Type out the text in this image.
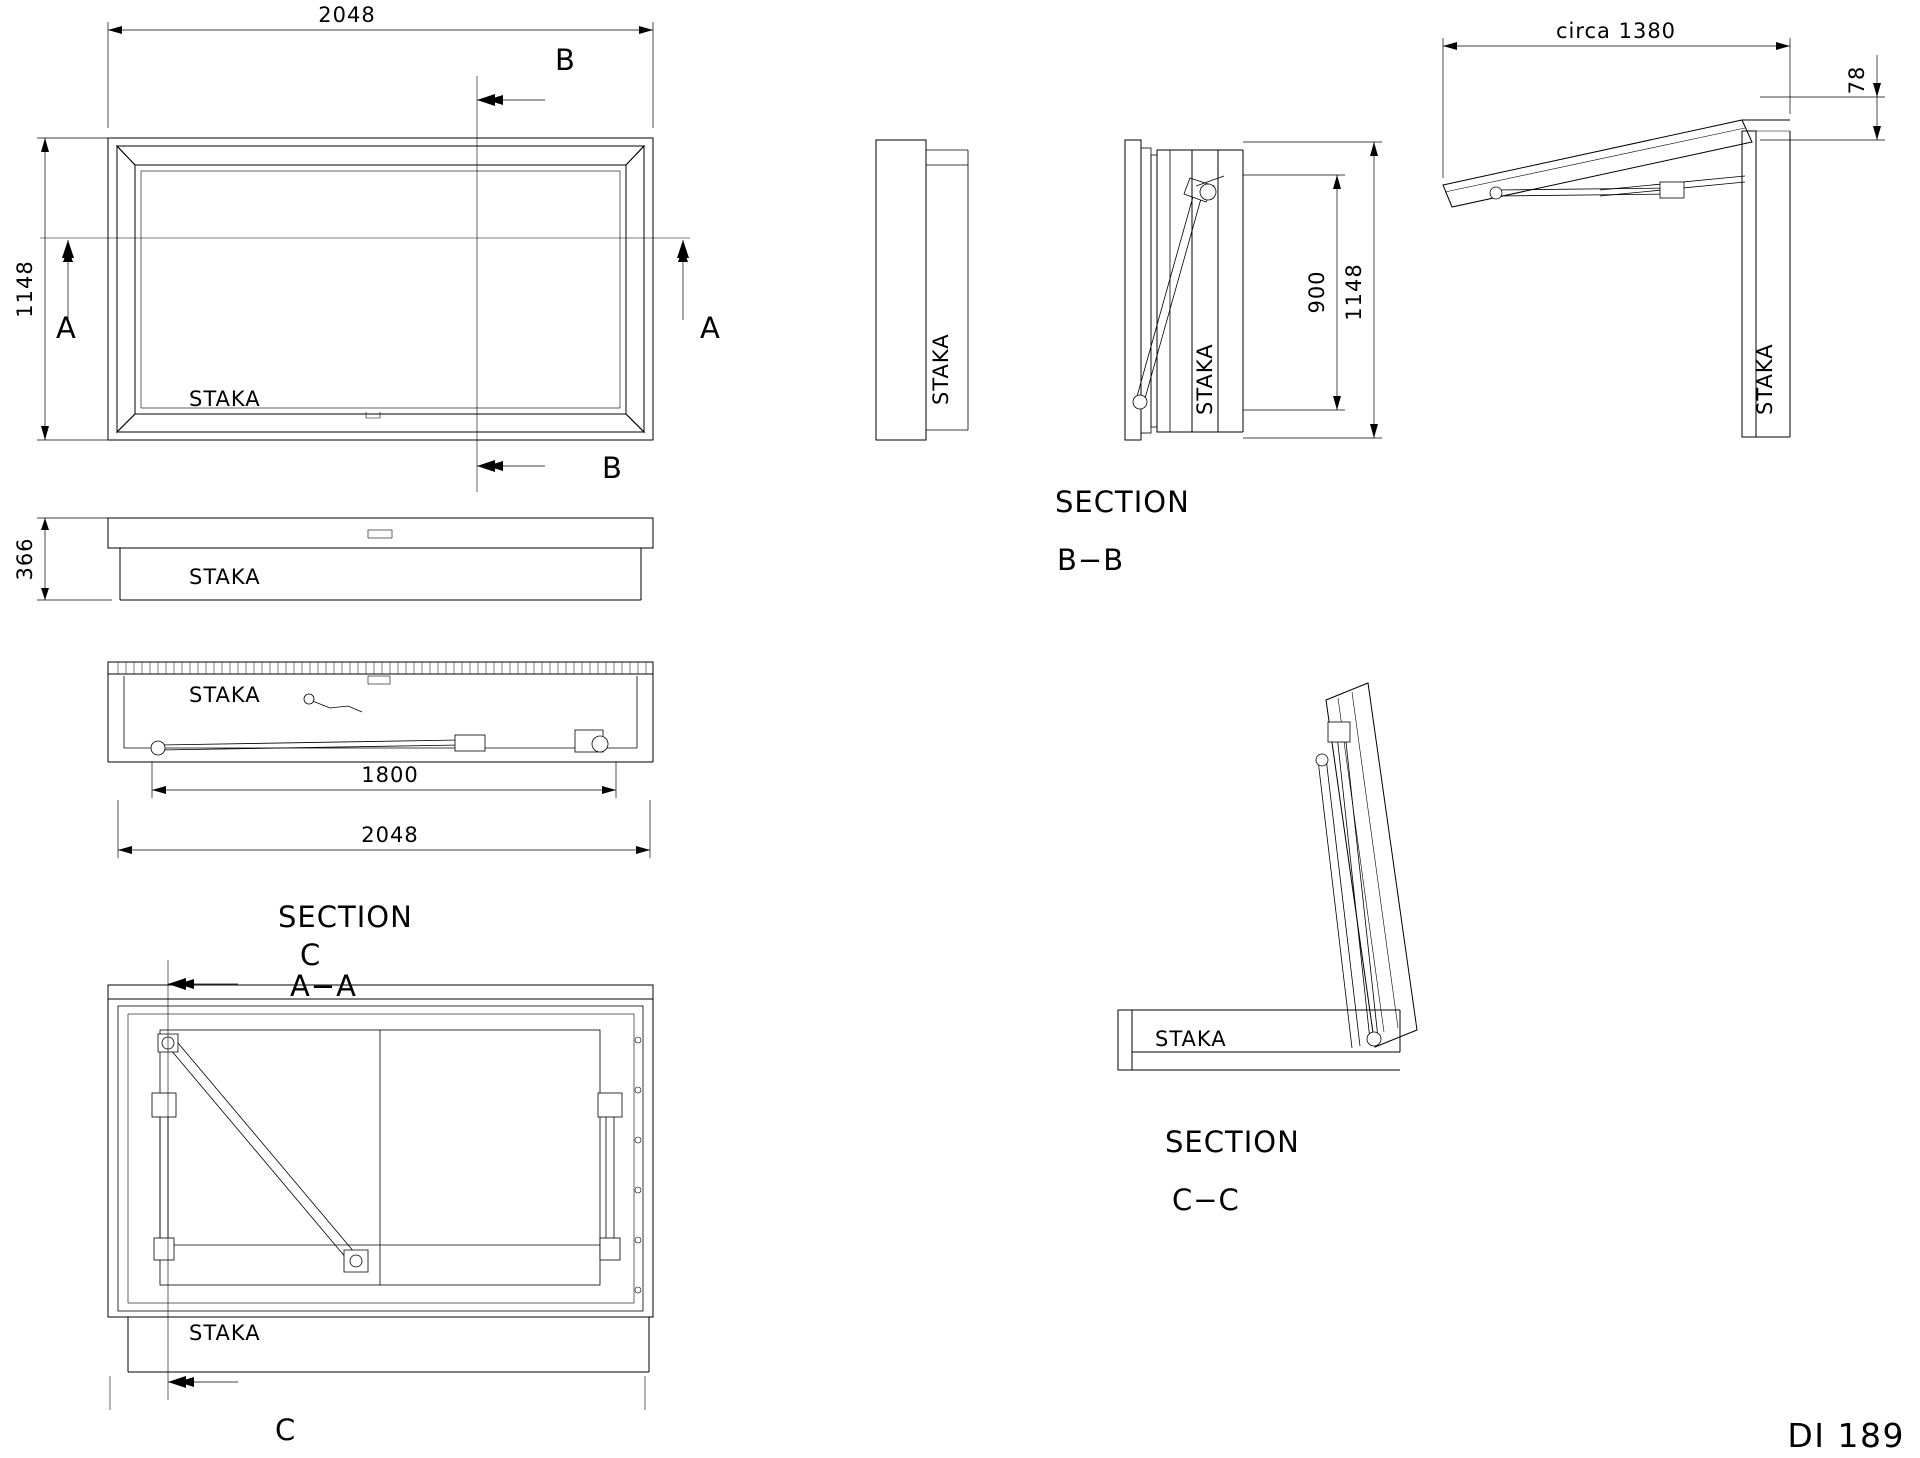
A	A
B
B
2048
1148
STAKA
STAKA
366
STAKA
1800
2048
SECTION
A−A
STAKA
C
C
STAKA	STAKA
900 1148
SECTION
B−B
STAKA
circa 1380
78
STAKA
SECTION
C−C
DI 189
